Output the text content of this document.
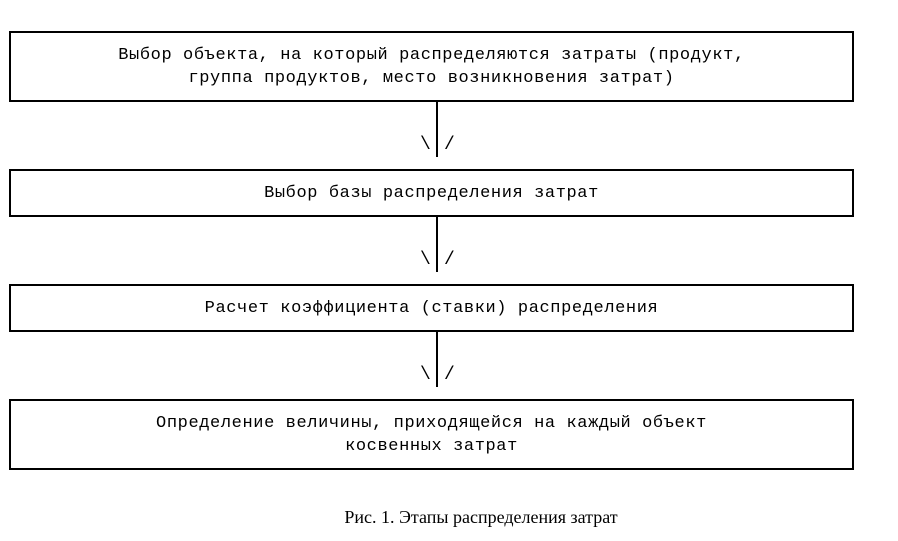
Выбор объекта, на который распределяются затраты (продукт,
группа продуктов, место возникновения затрат)
\ /
Выбор базы распределения затрат
\ /
Расчет коэффициента (ставки) распределения
\ /
Определение величины, приходящейся на каждый объект
косвенных затрат
Рис. 1. Этапы распределения затрат
